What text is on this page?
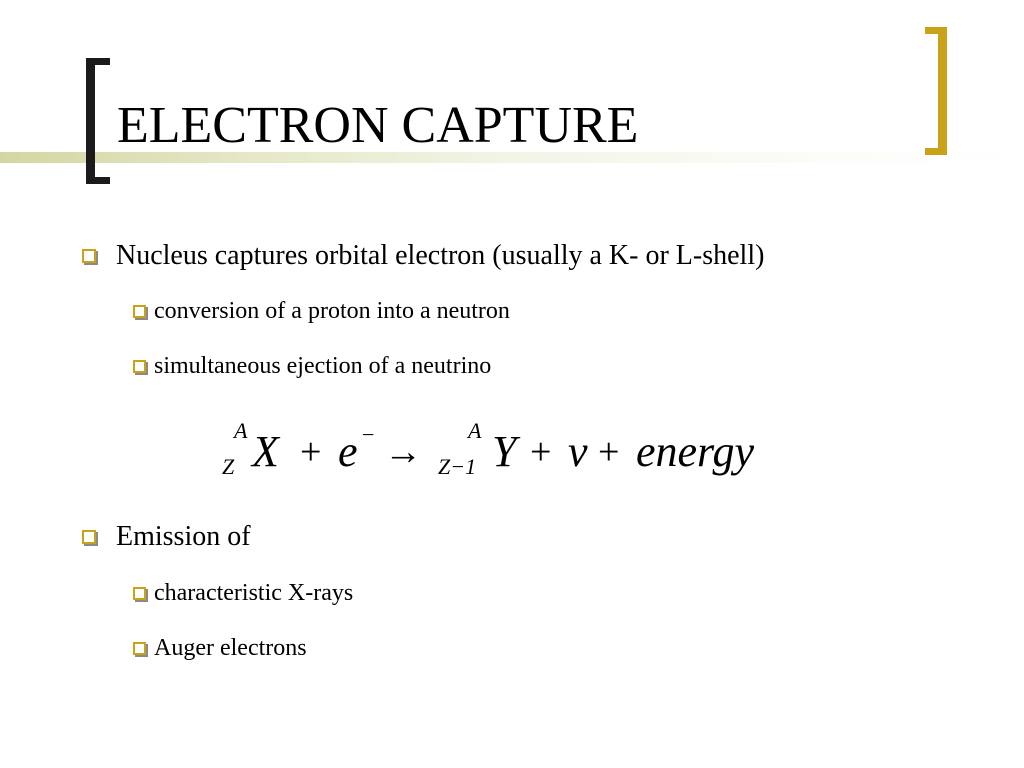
ELECTRON CAPTURE
Nucleus captures orbital electron (usually a K- or L-shell)
conversion of a proton into a neutron
simultaneous ejection of a neutrino
Emission of
characteristic X-rays
Auger electrons
A
Z X + e − →
A
Z−1 Y + v + energy
